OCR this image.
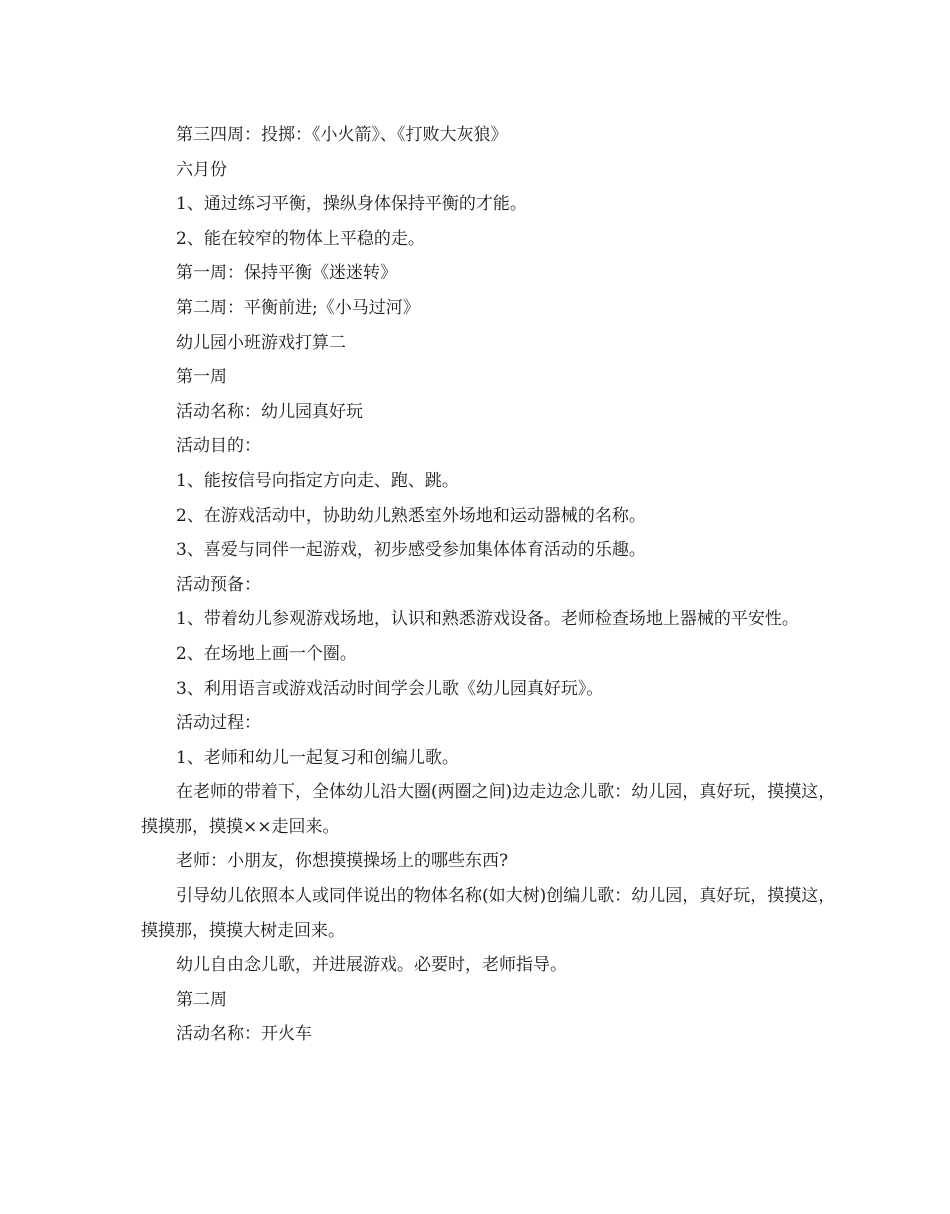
第三四周：投掷：《小火箭》、《打败大灰狼》

六月份

1、通过练习平衡，操纵身体保持平衡的才能。

2、能在较窄的物体上平稳的走。

第一周：保持平衡《迷迷转》

第二周：平衡前进;《小马过河》

幼儿园小班游戏打算二

第一周

活动名称：幼儿园真好玩

活动目的：

1、能按信号向指定方向走、跑、跳。

2、在游戏活动中，协助幼儿熟悉室外场地和运动器械的名称。

3、喜爱与同伴一起游戏，初步感受参加集体体育活动的乐趣。

活动预备：

1、带着幼儿参观游戏场地，认识和熟悉游戏设备。老师检查场地上器械的平安性。

2、在场地上画一个圈。

3、利用语言或游戏活动时间学会儿歌《幼儿园真好玩》。

活动过程：

1、老师和幼儿一起复习和创编儿歌。

在老师的带着下，全体幼儿沿大圈(两圈之间)边走边念儿歌：幼儿园，真好玩，摸摸这，摸摸那，摸摸××走回来。

老师：小朋友，你想摸摸操场上的哪些东西?

引导幼儿依照本人或同伴说出的物体名称(如大树)创编儿歌：幼儿园，真好玩，摸摸这，摸摸那，摸摸大树走回来。

幼儿自由念儿歌，并进展游戏。必要时，老师指导。

第二周

活动名称：开火车
